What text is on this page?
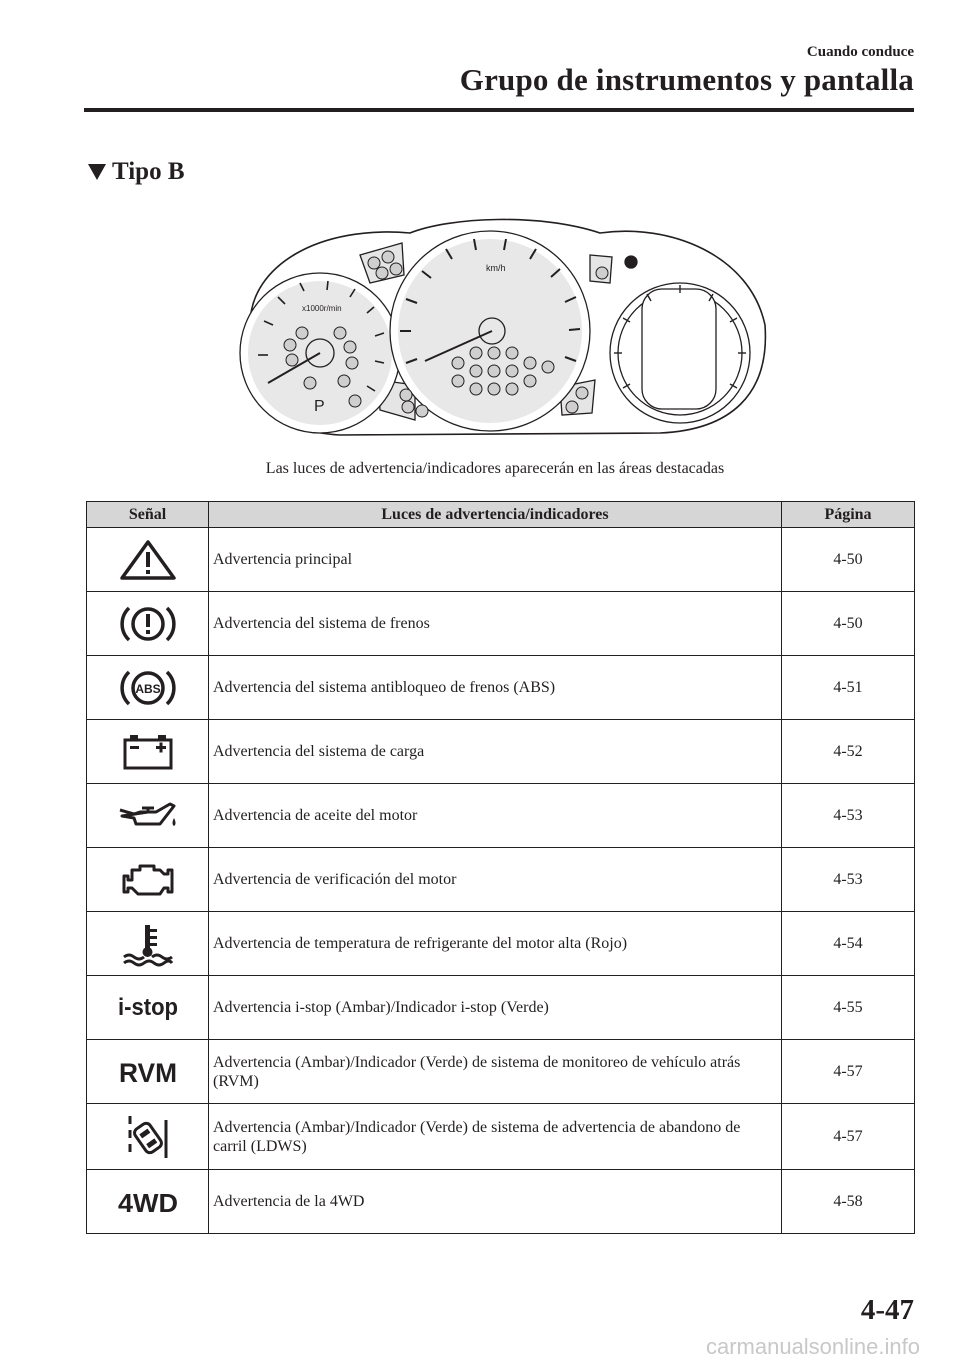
Cuando conduce
Grupo de instrumentos y pantalla
Tipo B
x1000r/min
km/h
P
Las luces de advertencia/indicadores aparecerán en las áreas destacadas
Señal	Luces de advertencia/indicadores	Página

	Advertencia principal	4-50

	Advertencia del sistema de frenos	4-50

ABS	Advertencia del sistema antibloqueo de frenos (ABS)	4-51

	Advertencia del sistema de carga	4-52

	Advertencia de aceite del motor	4-53

	Advertencia de verificación del motor	4-53

	Advertencia de temperatura de refrigerante del motor alta (Rojo)	4-54

i-stop	Advertencia i-stop (Ambar)/Indicador i-stop (Verde)	4-55

RVM	Advertencia (Ambar)/Indicador (Verde) de sistema de monitoreo de vehículo atrás (RVM)	4-57

	Advertencia (Ambar)/Indicador (Verde) de sistema de advertencia de abandono de carril (LDWS)	4-57

4WD	Advertencia de la 4WD	4-58
4-47
carmanualsonline.info
